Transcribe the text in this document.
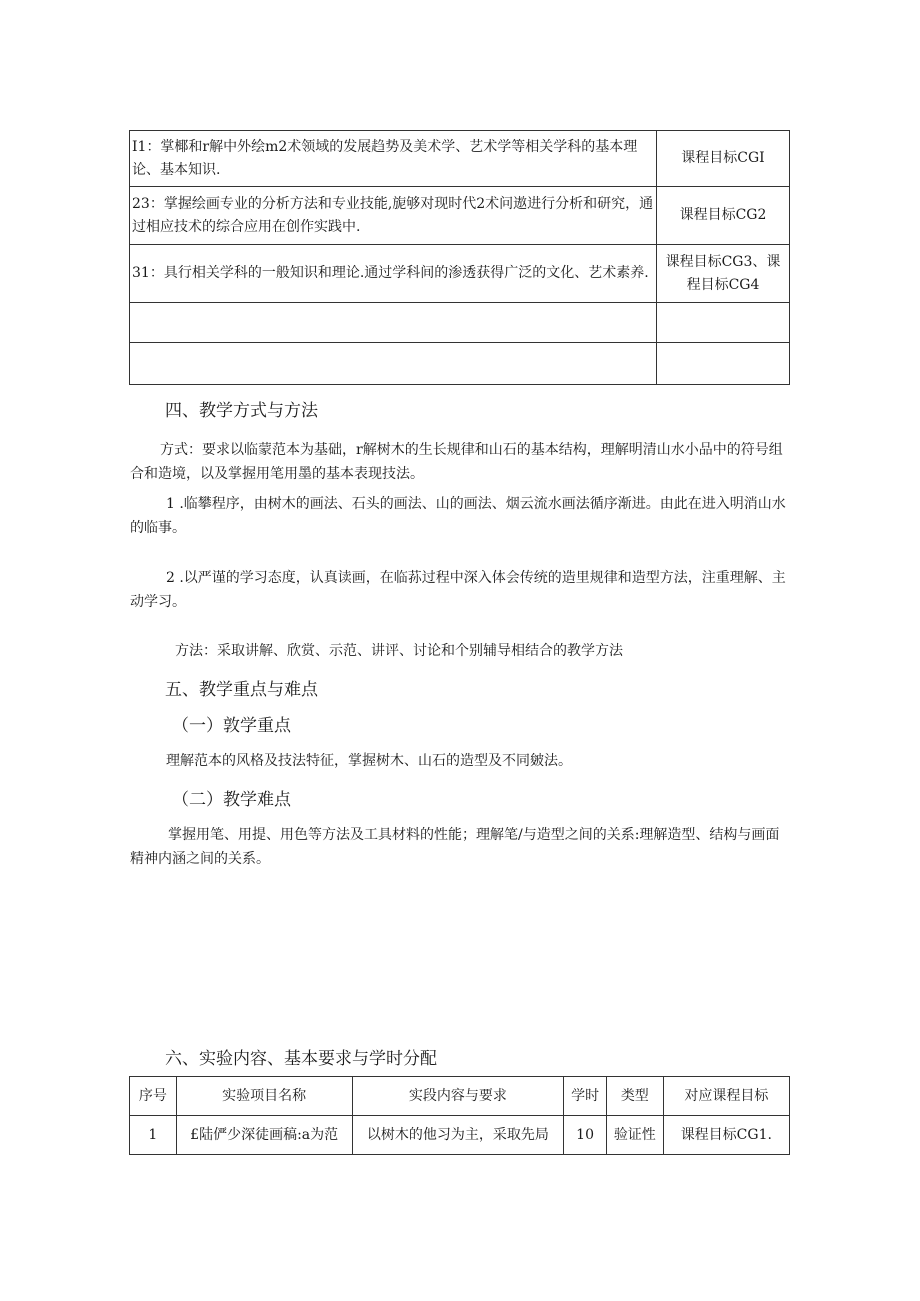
I1：掌椰和r解中外绘m2术领域的发展趋势及美术学、艺术学等相关学科的基本理论、基本知识.	课程目标CGI
23：掌握绘画专业的分析方法和专业技能,旎够对现时代2术问遨进行分析和研究，通过相应技术的综合应用在创作实践中.	课程目标CG2
31：具行相关学科的一般知识和理论.通过学科间的渗透获得广泛的文化、艺术素养.	课程目标CG3、课程目标CG4

四、教学方式与方法
方式：要求以临蒙范本为基础，r解树木的生长规律和山石的基本结构，理解明清山水小品中的符号组合和造境，以及掌握用笔用墨的基本表现技法。
1 .临攀程序，由树木的画法、石头的画法、山的画法、烟云流水画法循序渐进。由此在进入明消山水的临事。
2 .以严谨的学习态度，认真读画，在临荪过程中深入体会传统的造里规律和造型方法，注重理解、主动学习。
方法：采取讲解、欣赏、示范、讲评、讨论和个别辅导相结合的教学方法
五、教学重点与难点
（一）敦学重点
理解范本的风格及技法特征，掌握树木、山石的造型及不同皴法。
（二）教学难点
掌握用笔、用提、用色等方法及工具材料的性能；理解笔/与造型之间的关系:理解造型、结构与画面精神内涵之间的关系。
六、实验内容、基本要求与学时分配
序号	实验项目名称	实段内容与要求	学时	类型	对应课程目标
1	£陆俨少深徒画稿:a为范	以树木的他习为主，采取先局	10	验证性	课程目标CG1.
